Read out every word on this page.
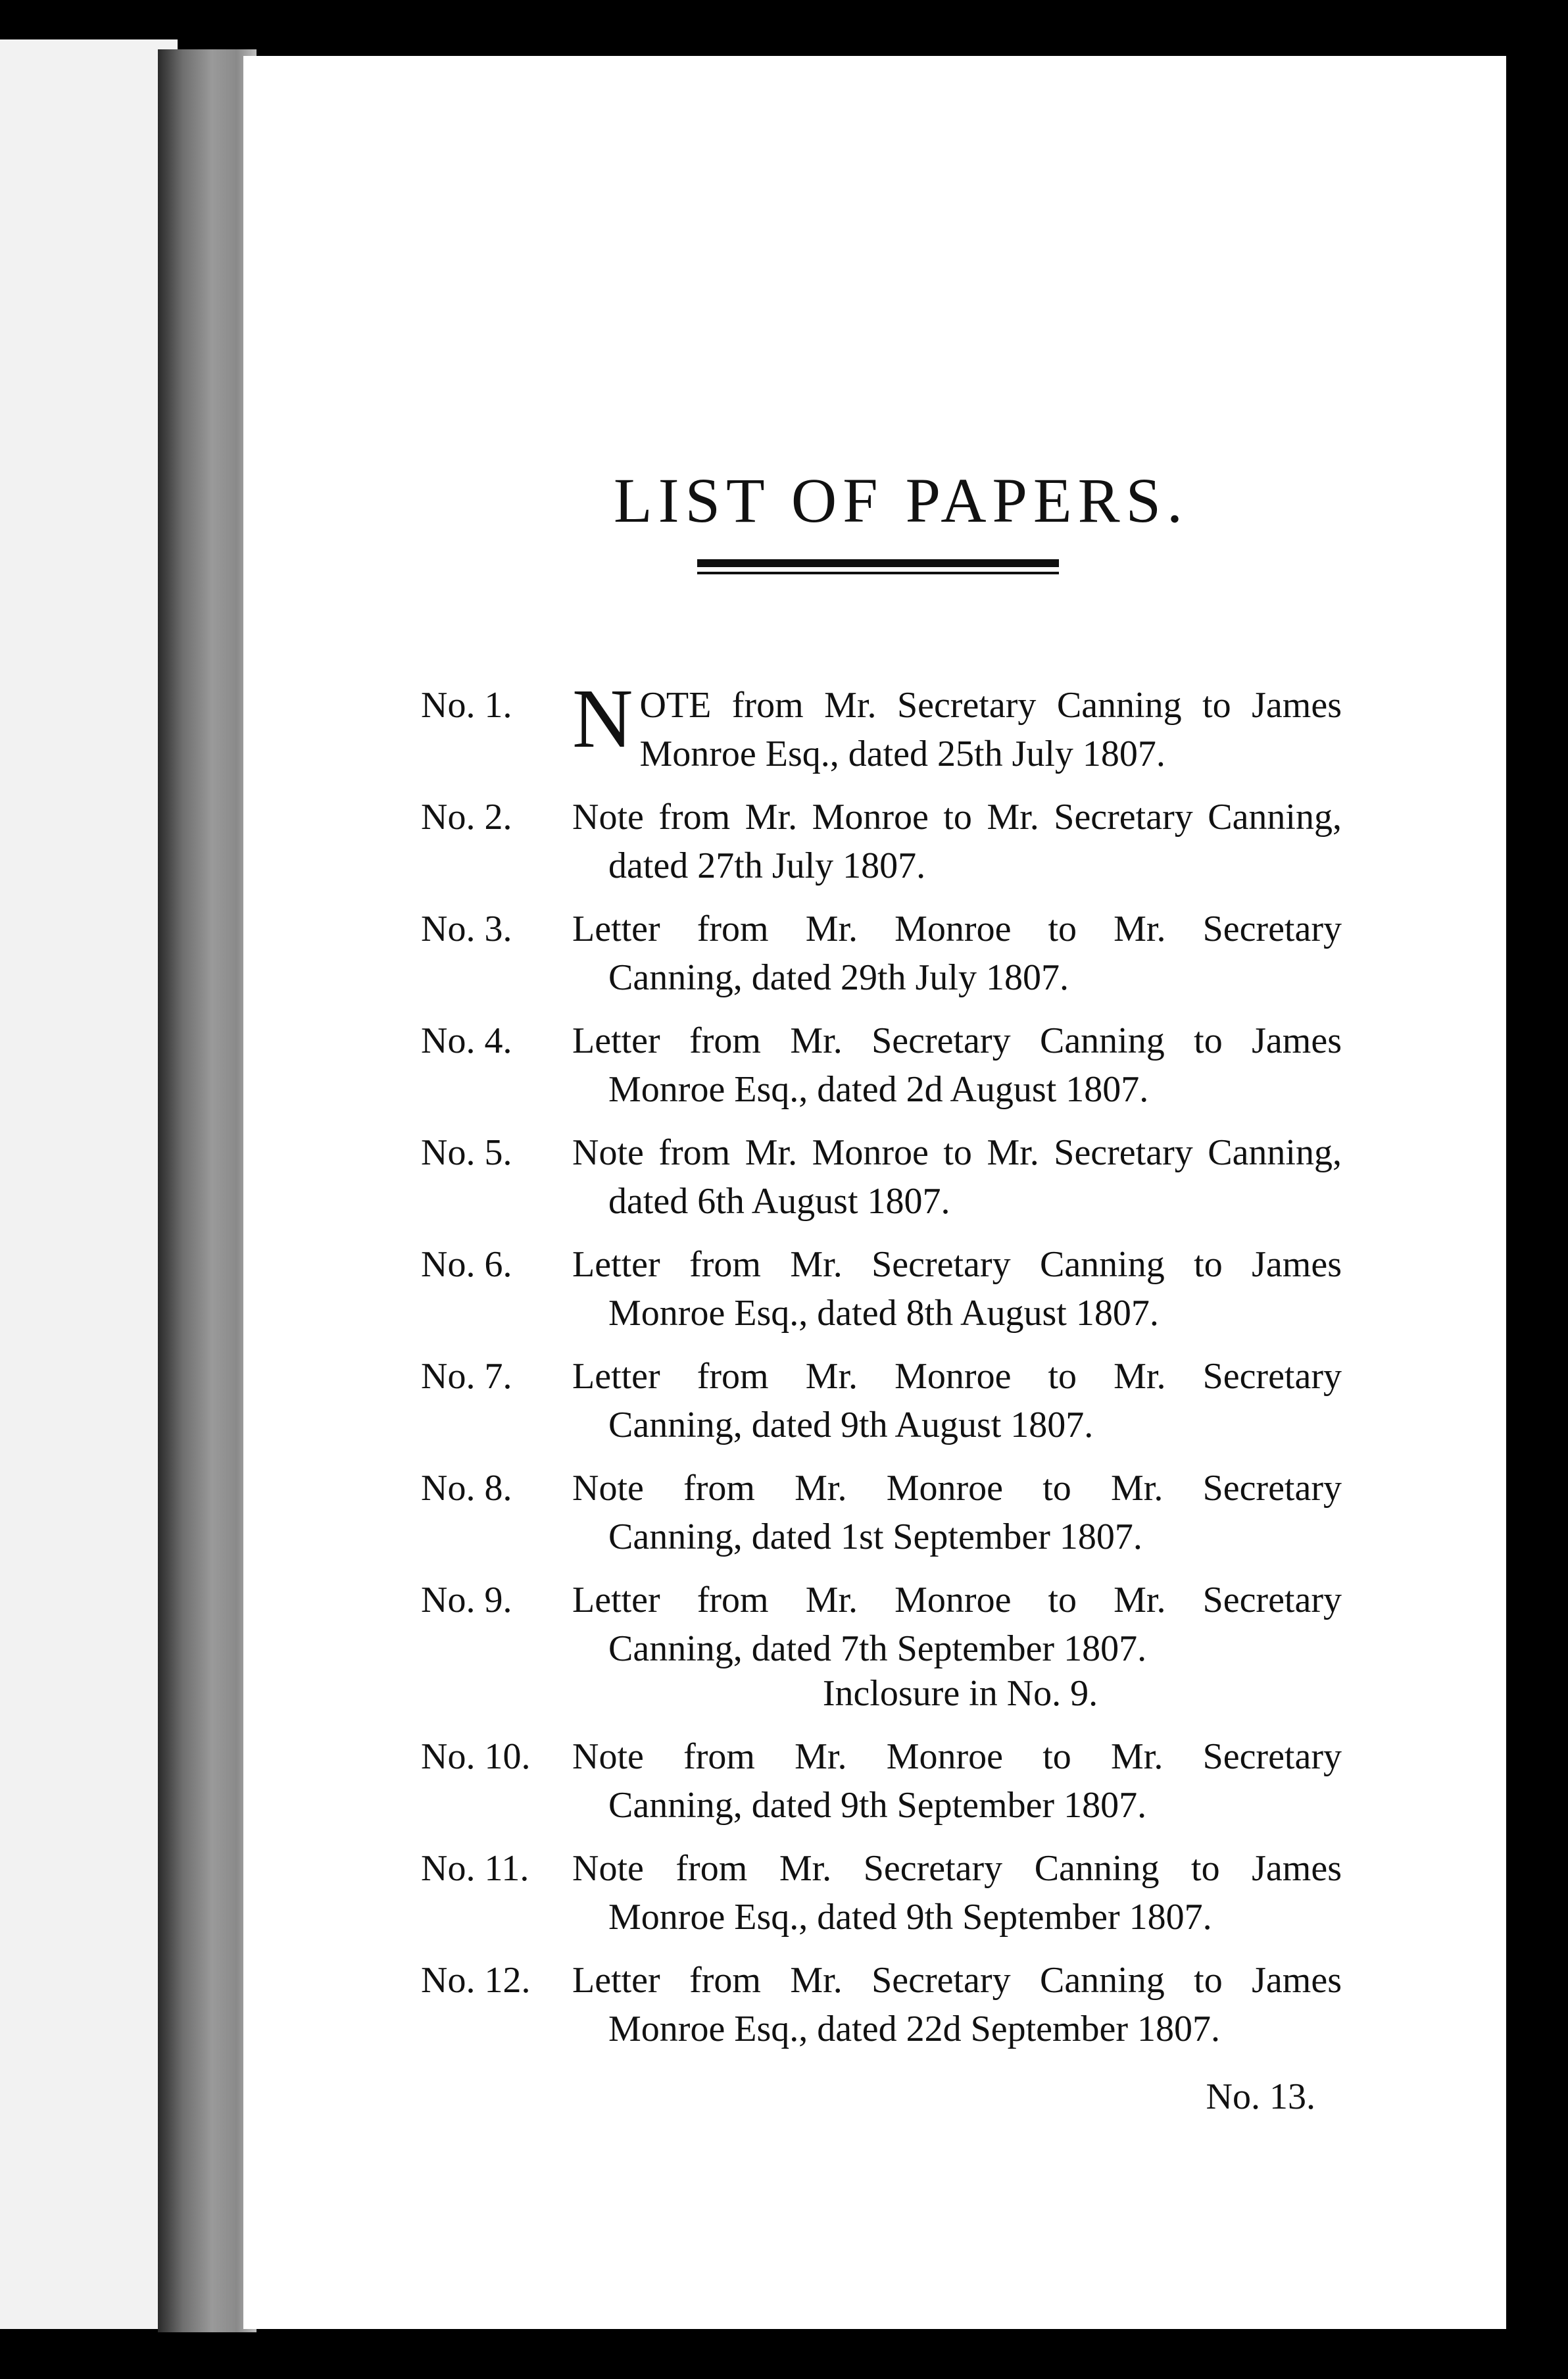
LIST OF PAPERS.
No. 1. NOTE from Mr. Secretary Canning to James
Monroe Esq., dated 25th July 1807.
No. 2.	Note from Mr. Monroe to Mr. Secretary Canning,
dated 27th July 1807.
No. 3.	Letter from Mr. Monroe to Mr. Secretary
Canning, dated 29th July 1807.
No. 4.	Letter from Mr. Secretary Canning to James
Monroe Esq., dated 2d August 1807.
No. 5.	Note from Mr. Monroe to Mr. Secretary Canning,
dated 6th August 1807.
No. 6.	Letter from Mr. Secretary Canning to James
Monroe Esq., dated 8th August 1807.
No. 7.	Letter from Mr. Monroe to Mr. Secretary
Canning, dated 9th August 1807.
No. 8.	Note from Mr. Monroe to Mr. Secretary
Canning, dated 1st September 1807.
No. 9.	Letter from Mr. Monroe to Mr. Secretary
Canning, dated 7th September 1807.
Inclosure in No. 9.
No. 10.	Note from Mr. Monroe to Mr. Secretary
Canning, dated 9th September 1807.
No. 11.	Note from Mr. Secretary Canning to James
Monroe Esq., dated 9th September 1807.
No. 12.	Letter from Mr. Secretary Canning to James
Monroe Esq., dated 22d September 1807.
No. 13.
